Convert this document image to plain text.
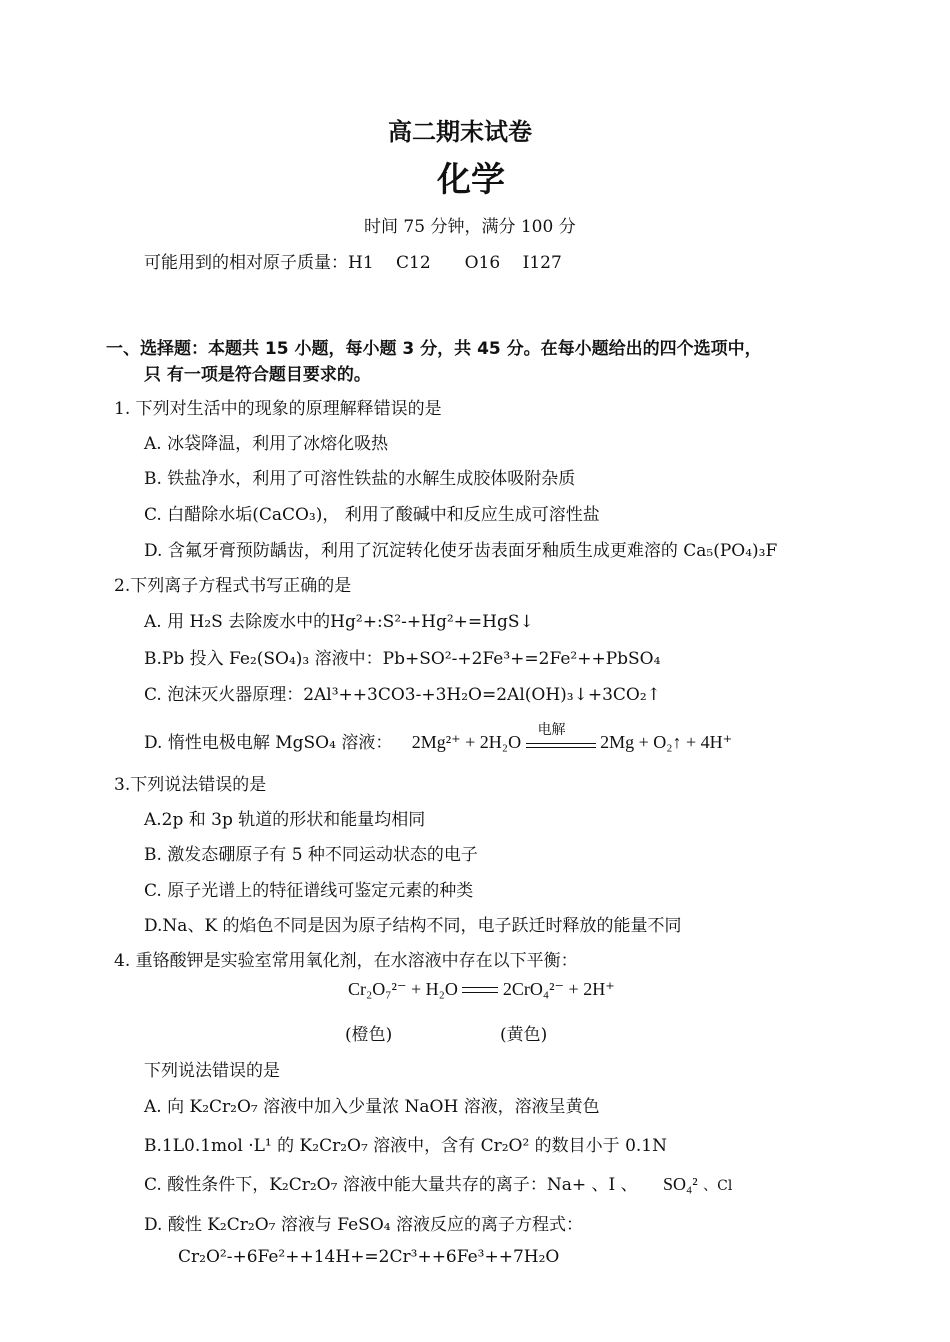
高二期末试卷
化学
时间 75 分钟，满分 100 分
可能用到的相对原子质量：H1　 C12　　O16　 I127
一、选择题：本题共 15 小题，每小题 3 分，共 45 分。在每小题给出的四个选项中，
只 有一项是符合题目要求的。
1. 下列对生活中的现象的原理解释错误的是
A. 冰袋降温，利用了冰熔化吸热
B. 铁盐净水，利用了可溶性铁盐的水解生成胶体吸附杂质
C. 白醋除水垢(CaCO₃)， 利用了酸碱中和反应生成可溶性盐
D. 含氟牙膏预防龋齿，利用了沉淀转化使牙齿表面牙釉质生成更难溶的 Ca₅(PO₄)₃F
2.下列离子方程式书写正确的是
A. 用 H₂S 去除废水中的Hg²+:S²-+Hg²+=HgS↓
B.Pb 投入 Fe₂(SO₄)₃ 溶液中：Pb+SO²-+2Fe³+=2Fe²++PbSO₄
C. 泡沫灭火器原理：2Al³++3CO3-+3H₂O=2Al(OH)₃↓+3CO₂↑
D. 惰性电极电解 MgSO₄ 溶液： 2Mg²⁺ + 2H₂O
电解
2Mg + O₂↑ + 4H⁺
3.下列说法错误的是
A.2p 和 3p 轨道的形状和能量均相同
B. 激发态硼原子有 5 种不同运动状态的电子
C. 原子光谱上的特征谱线可鉴定元素的种类
D.Na、K 的焰色不同是因为原子结构不同，电子跃迁时释放的能量不同
4. 重铬酸钾是实验室常用氧化剂，在水溶液中存在以下平衡：
Cr₂O₇²⁻ + H₂O	2CrO₄²⁻ + 2H⁺
(橙色)	(黄色)
下列说法错误的是
A. 向 K₂Cr₂O₇ 溶液中加入少量浓 NaOH 溶液，溶液呈黄色
B.1L0.1mol ·L¹ 的 K₂Cr₂O₇ 溶液中，含有 Cr₂O² 的数目小于 0.1N
C. 酸性条件下，K₂Cr₂O₇ 溶液中能大量共存的离子：Na+ 、I 、 SO₄² 、Cl
D. 酸性 K₂Cr₂O₇ 溶液与 FeSO₄ 溶液反应的离子方程式：
Cr₂O²-+6Fe²++14H+=2Cr³++6Fe³++7H₂O
